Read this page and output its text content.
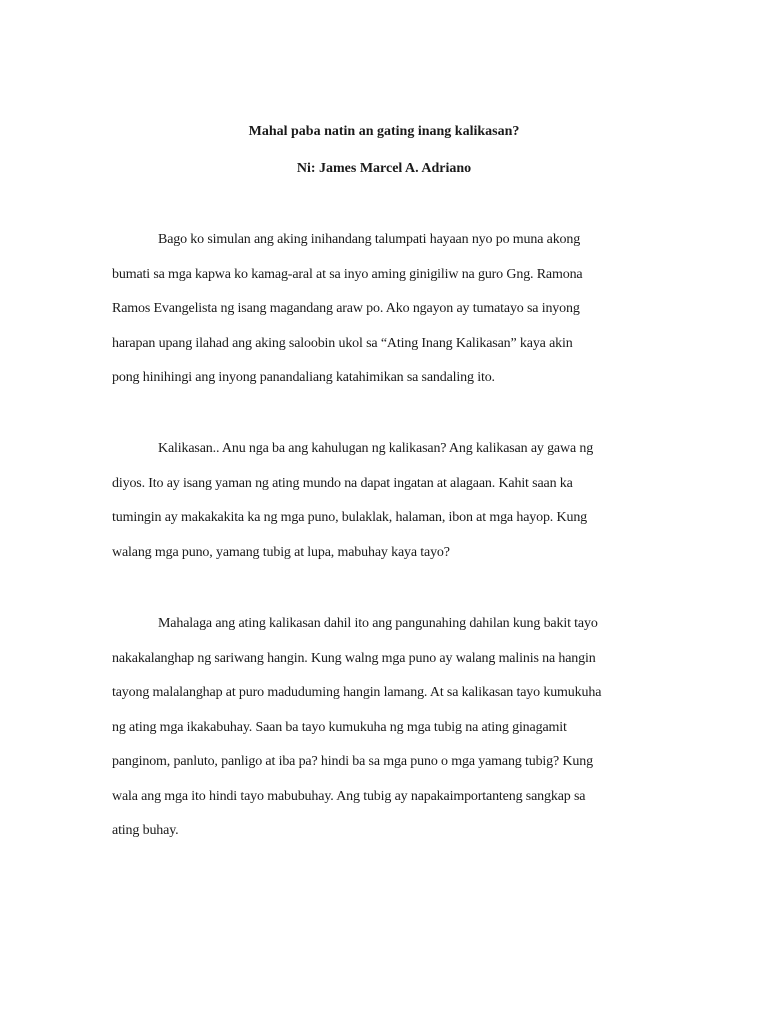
Mahal paba natin an gating inang kalikasan?
Ni: James Marcel A. Adriano
Bago ko simulan ang aking inihandang talumpati hayaan nyo po muna akong
bumati sa mga kapwa ko kamag-aral at sa inyo aming ginigiliw na guro Gng. Ramona
Ramos Evangelista ng isang magandang araw po. Ako ngayon ay tumatayo sa inyong
harapan upang ilahad ang aking saloobin ukol sa “Ating Inang Kalikasan” kaya akin
pong hinihingi ang inyong panandaliang katahimikan sa sandaling ito.
Kalikasan.. Anu nga ba ang kahulugan ng kalikasan? Ang kalikasan ay gawa ng
diyos. Ito ay isang yaman ng ating mundo na dapat ingatan at alagaan. Kahit saan ka
tumingin ay makakakita ka ng mga puno, bulaklak, halaman, ibon at mga hayop. Kung
walang mga puno, yamang tubig at lupa, mabuhay kaya tayo?
Mahalaga ang ating kalikasan dahil ito ang pangunahing dahilan kung bakit tayo
nakakalanghap ng sariwang hangin. Kung walng mga puno ay walang malinis na hangin
tayong malalanghap at puro maduduming hangin lamang. At sa kalikasan tayo kumukuha
ng ating mga ikakabuhay. Saan ba tayo kumukuha ng mga tubig na ating ginagamit
panginom, panluto, panligo at iba pa? hindi ba sa mga puno o mga yamang tubig? Kung
wala ang mga ito hindi tayo mabubuhay. Ang tubig ay napakaimportanteng sangkap sa
ating buhay.
